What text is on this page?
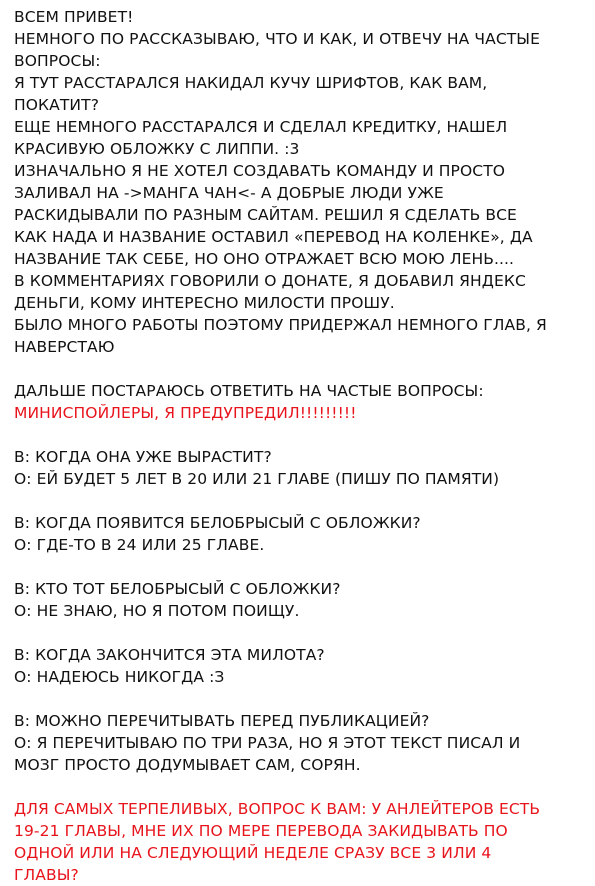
ВСЕМ ПРИВЕТ!
НЕМНОГО ПО РАССКАЗЫВАЮ, ЧТО И КАК, И ОТВЕЧУ НА ЧАСТЫЕ
ВОПРОСЫ:
Я ТУТ РАССТАРАЛСЯ НАКИДАЛ КУЧУ ШРИФТОВ, КАК ВАМ,
ПОКАТИТ?
ЕЩЕ НЕМНОГО РАССТАРАЛСЯ И СДЕЛАЛ КРЕДИТКУ, НАШЕЛ
КРАСИВУЮ ОБЛОЖКУ С ЛИППИ. :3
ИЗНАЧАЛЬНО Я НЕ ХОТЕЛ СОЗДАВАТЬ КОМАНДУ И ПРОСТО
ЗАЛИВАЛ НА ->МАНГА ЧАН<- А ДОБРЫЕ ЛЮДИ УЖЕ
РАСКИДЫВАЛИ ПО РАЗНЫМ САЙТАМ. РЕШИЛ Я СДЕЛАТЬ ВСЕ
КАК НАДА И НАЗВАНИЕ ОСТАВИЛ «ПЕРЕВОД НА КОЛЕНКЕ», ДА
НАЗВАНИЕ ТАК СЕБЕ, НО ОНО ОТРАЖАЕТ ВСЮ МОЮ ЛЕНЬ....
В КОММЕНТАРИЯХ ГОВОРИЛИ О ДОНАТЕ, Я ДОБАВИЛ ЯНДЕКС
ДЕНЬГИ, КОМУ ИНТЕРЕСНО МИЛОСТИ ПРОШУ.
БЫЛО МНОГО РАБОТЫ ПОЭТОМУ ПРИДЕРЖАЛ НЕМНОГО ГЛАВ, Я
НАВЕРСТАЮ
ДАЛЬШЕ ПОСТАРАЮСЬ ОТВЕТИТЬ НА ЧАСТЫЕ ВОПРОСЫ:
МИНИСПОЙЛЕРЫ, Я ПРЕДУПРЕДИЛ!!!!!!!!!
В: КОГДА ОНА УЖЕ ВЫРАСТИТ?
О: ЕЙ БУДЕТ 5 ЛЕТ В 20 ИЛИ 21 ГЛАВЕ (ПИШУ ПО ПАМЯТИ)
В: КОГДА ПОЯВИТСЯ БЕЛОБРЫСЫЙ С ОБЛОЖКИ?
О: ГДЕ-ТО В 24 ИЛИ 25 ГЛАВЕ.
В: КТО ТОТ БЕЛОБРЫСЫЙ С ОБЛОЖКИ?
О: НЕ ЗНАЮ, НО Я ПОТОМ ПОИЩУ.
В: КОГДА ЗАКОНЧИТСЯ ЭТА МИЛОТА?
О: НАДЕЮСЬ НИКОГДА :З
В: МОЖНО ПЕРЕЧИТЫВАТЬ ПЕРЕД ПУБЛИКАЦИЕЙ?
О: Я ПЕРЕЧИТЫВАЮ ПО ТРИ РАЗА, НО Я ЭТОТ ТЕКСТ ПИСАЛ И
МОЗГ ПРОСТО ДОДУМЫВАЕТ САМ, СОРЯН.
ДЛЯ САМЫХ ТЕРПЕЛИВЫХ, ВОПРОС К ВАМ: У АНЛЕЙТЕРОВ ЕСТЬ
19-21 ГЛАВЫ, МНЕ ИХ ПО МЕРЕ ПЕРЕВОДА ЗАКИДЫВАТЬ ПО
ОДНОЙ ИЛИ НА СЛЕДУЮЩИЙ НЕДЕЛЕ СРАЗУ ВСЕ 3 ИЛИ 4
ГЛАВЫ?
